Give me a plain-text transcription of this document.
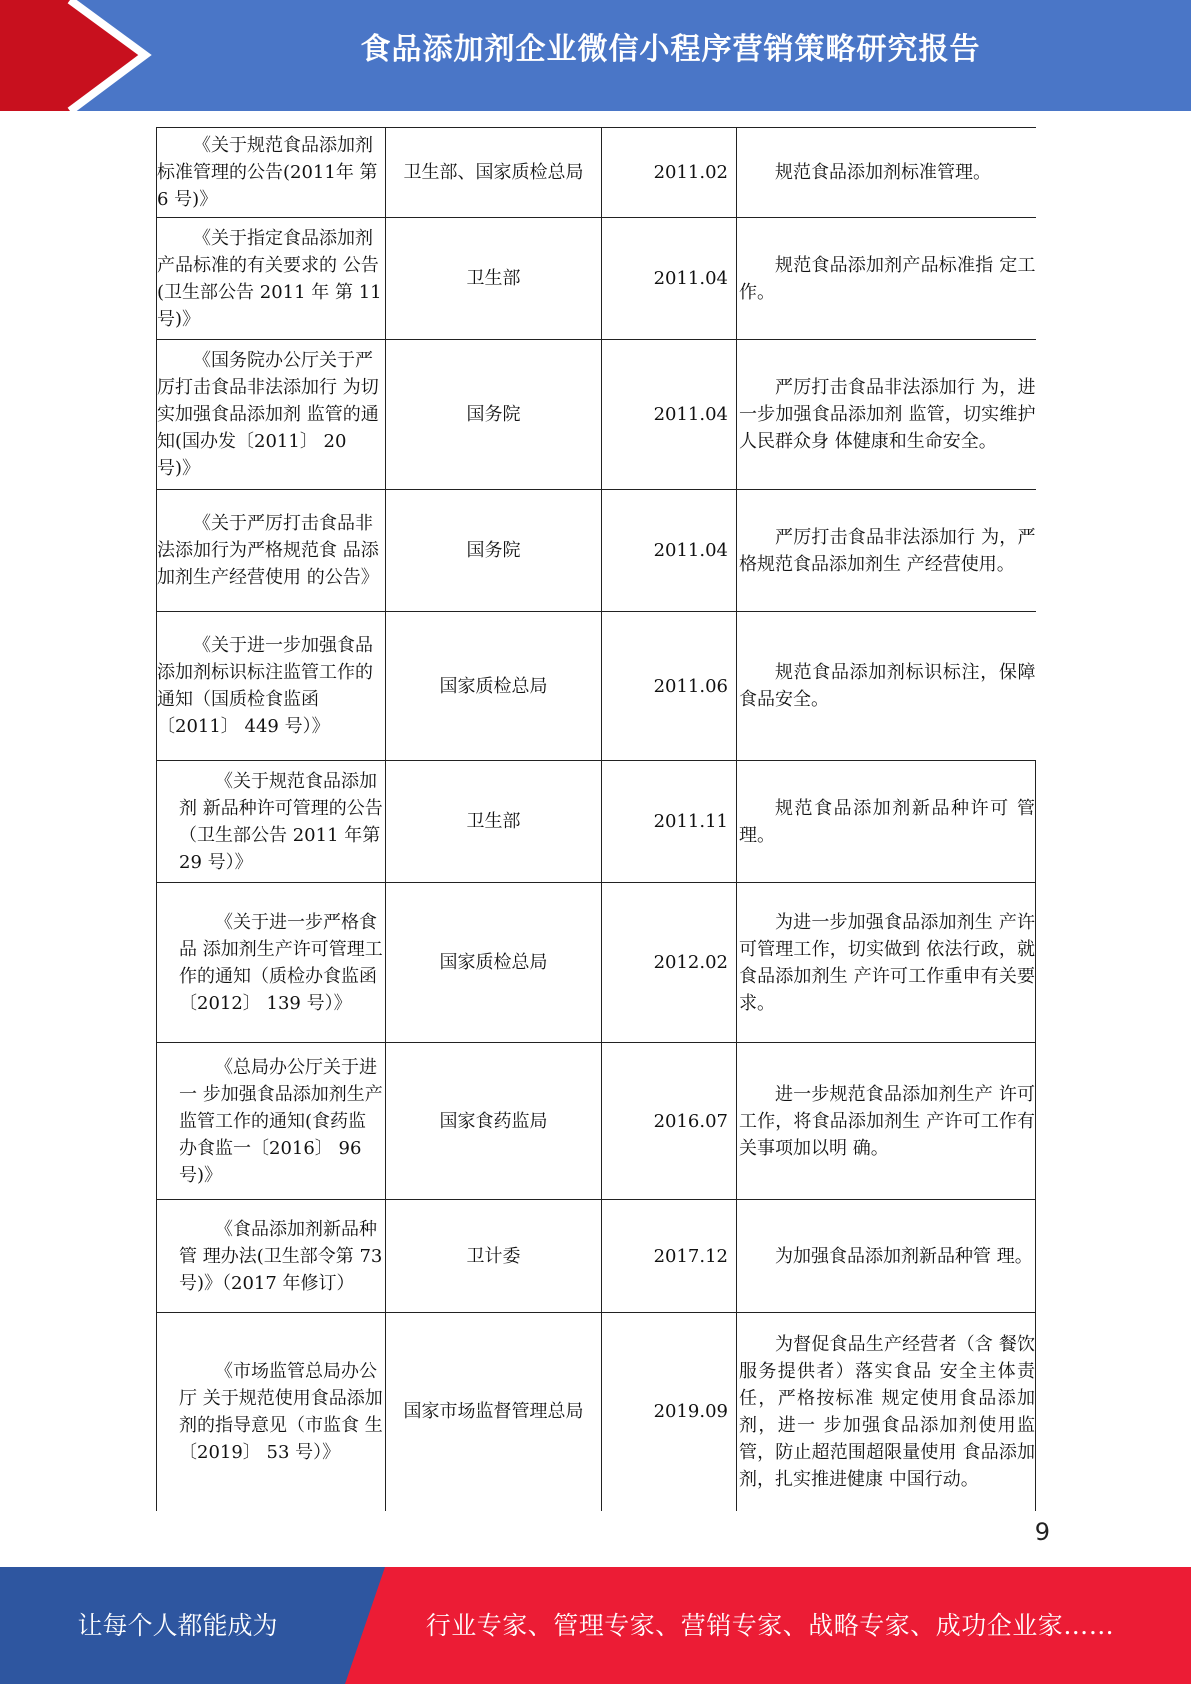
食品添加剂企业微信小程序营销策略研究报告
《关于规范食品添加剂 标准管理的公告(2011年 第 6 号)》	卫生部、国家质检总局	2011.02	规范食品添加剂标准管理。

《关于指定食品添加剂 产品标准的有关要求的 公告(卫生部公告 2011 年 第 11 号)》	卫生部	2011.04	规范食品添加剂产品标准指 定工作。

《国务院办公厅关于严 厉打击食品非法添加行 为切实加强食品添加剂 监管的通知(国办发〔2011〕 20 号)》	国务院	2011.04	严厉打击食品非法添加行 为，进一步加强食品添加剂 监管，切实维护人民群众身 体健康和生命安全。

《关于严厉打击食品非 法添加行为严格规范食 品添加剂生产经营使用 的公告》	国务院	2011.04	严厉打击食品非法添加行 为，严格规范食品添加剂生 产经营使用。

《关于进一步加强食品 添加剂标识标注监管工作的通知（国质检食监函〔2011〕 449 号）》	国家质检总局	2011.06	规范食品添加剂标识标注，保障食品安全。

《关于规范食品添加剂 新品种许可管理的公告（卫生部公告 2011 年第 29 号）》	卫生部	2011.11	规范食品添加剂新品种许可 管理。

《关于进一步严格食品 添加剂生产许可管理工 作的通知（质检办食监函〔2012〕 139 号）》	国家质检总局	2012.02	为进一步加强食品添加剂生 产许可管理工作，切实做到 依法行政，就食品添加剂生 产许可工作重申有关要求。

《总局办公厅关于进一 步加强食品添加剂生产 监管工作的通知(食药监 办食监一〔2016〕 96 号)》	国家食药监局	2016.07	进一步规范食品添加剂生产 许可工作，将食品添加剂生 产许可工作有关事项加以明 确。

《食品添加剂新品种管 理办法(卫生部令第 73 号)》（2017 年修订）	卫计委	2017.12	为加强食品添加剂新品种管 理。

《市场监管总局办公厅 关于规范使用食品添加 剂的指导意见（市监食 生〔2019〕 53 号）》	国家市场监督管理总局	2019.09	为督促食品生产经营者（含 餐饮服务提供者）落实食品 安全主体责任，严格按标准 规定使用食品添加剂，进一 步加强食品添加剂使用监 管，防止超范围超限量使用 食品添加剂，扎实推进健康 中国行动。
9
让每个人都能成为	行业专家、管理专家、营销专家、战略专家、成功企业家……
